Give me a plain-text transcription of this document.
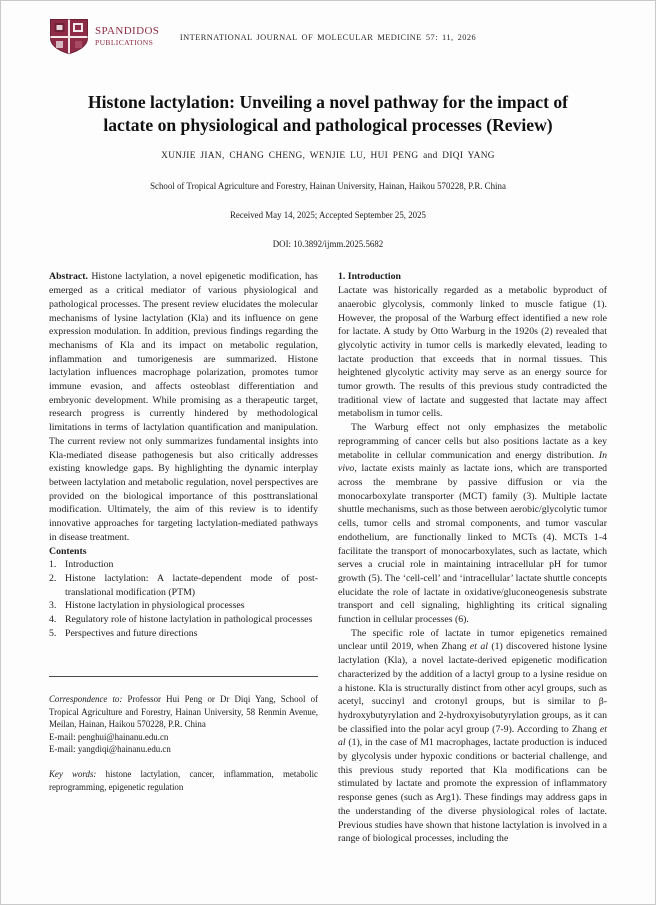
SPANDIDOS
PUBLICATIONS
INTERNATIONAL JOURNAL OF MOLECULAR MEDICINE 57: 11, 2026
Histone lactylation: Unveiling a novel pathway for the impact of
lactate on physiological and pathological processes (Review)
XUNJIE JIAN, CHANG CHENG, WENJIE LU, HUI PENG and DIQI YANG
School of Tropical Agriculture and Forestry, Hainan University, Hainan, Haikou 570228, P.R. China
Received May 14, 2025; Accepted September 25, 2025
DOI: 10.3892/ijmm.2025.5682

Abstract. Histone lactylation, a novel epigenetic modification, has emerged as a critical mediator of various physiological and pathological processes. The present review elucidates the molecular mechanisms of lysine lactylation (Kla) and its influence on gene expression modulation. In addition, previous findings regarding the mechanisms of Kla and its impact on metabolic regulation, inflammation and tumorigenesis are summarized. Histone lactylation influences macrophage polarization, promotes tumor immune evasion, and affects osteoblast differentiation and embryonic development. While promising as a therapeutic target, research progress is currently hindered by methodological limitations in terms of lactylation quantification and manipulation. The current review not only summarizes fundamental insights into Kla-mediated disease pathogenesis but also critically addresses existing knowledge gaps. By highlighting the dynamic interplay between lactylation and metabolic regulation, novel perspectives are provided on the biological importance of this posttranslational modification. Ultimately, the aim of this review is to identify innovative approaches for targeting lactylation-mediated pathways in disease treatment.

Contents

1. Introduction
2. Histone lactylation: A lactate-dependent mode of post-translational modification (PTM)
3. Histone lactylation in physiological processes
4. Regulatory role of histone lactylation in pathological processes
5. Perspectives and future directions

Correspondence to: Professor Hui Peng or Dr Diqi Yang, School of Tropical Agriculture and Forestry, Hainan University, 58 Renmin Avenue, Meilan, Hainan, Haikou 570228, P.R. China

E-mail: penghui@hainanu.edu.cn

E-mail: yangdiqi@hainanu.edu.cn

Key words: histone lactylation, cancer, inflammation, metabolic reprogramming, epigenetic regulation

1. Introduction

Lactate was historically regarded as a metabolic byproduct of anaerobic glycolysis, commonly linked to muscle fatigue (1). However, the proposal of the Warburg effect identified a new role for lactate. A study by Otto Warburg in the 1920s (2) revealed that glycolytic activity in tumor cells is markedly elevated, leading to lactate production that exceeds that in normal tissues. This heightened glycolytic activity may serve as an energy source for tumor growth. The results of this previous study contradicted the traditional view of lactate and suggested that lactate may affect metabolism in tumor cells.

The Warburg effect not only emphasizes the metabolic reprogramming of cancer cells but also positions lactate as a key metabolite in cellular communication and energy distribution. In vivo, lactate exists mainly as lactate ions, which are transported across the membrane by passive diffusion or via the monocarboxylate transporter (MCT) family (3). Multiple lactate shuttle mechanisms, such as those between aerobic/glycolytic tumor cells, tumor cells and stromal components, and tumor vascular endothelium, are functionally linked to MCTs (4). MCTs 1-4 facilitate the transport of monocarboxylates, such as lactate, which serves a crucial role in maintaining intracellular pH for tumor growth (5). The ‘cell-cell’ and ‘intracellular’ lactate shuttle concepts elucidate the role of lactate in oxidative/gluconeogenesis substrate transport and cell signaling, highlighting its critical signaling function in cellular processes (6).

The specific role of lactate in tumor epigenetics remained unclear until 2019, when Zhang et al (1) discovered histone lysine lactylation (Kla), a novel lactate-derived epigenetic modification characterized by the addition of a lactyl group to a lysine residue on a histone. Kla is structurally distinct from other acyl groups, such as acetyl, succinyl and crotonyl groups, but is similar to β-hydroxybutyrylation and 2-hydroxyisobutyrylation groups, as it can be classified into the polar acyl group (7-9). According to Zhang et al (1), in the case of M1 macrophages, lactate production is induced by glycolysis under hypoxic conditions or bacterial challenge, and this previous study reported that Kla modifications can be stimulated by lactate and promote the expression of inflammatory response genes (such as Arg1). These findings may address gaps in the understanding of the diverse physiological roles of lactate. Previous studies have shown that histone lactylation is involved in a range of biological processes, including the
